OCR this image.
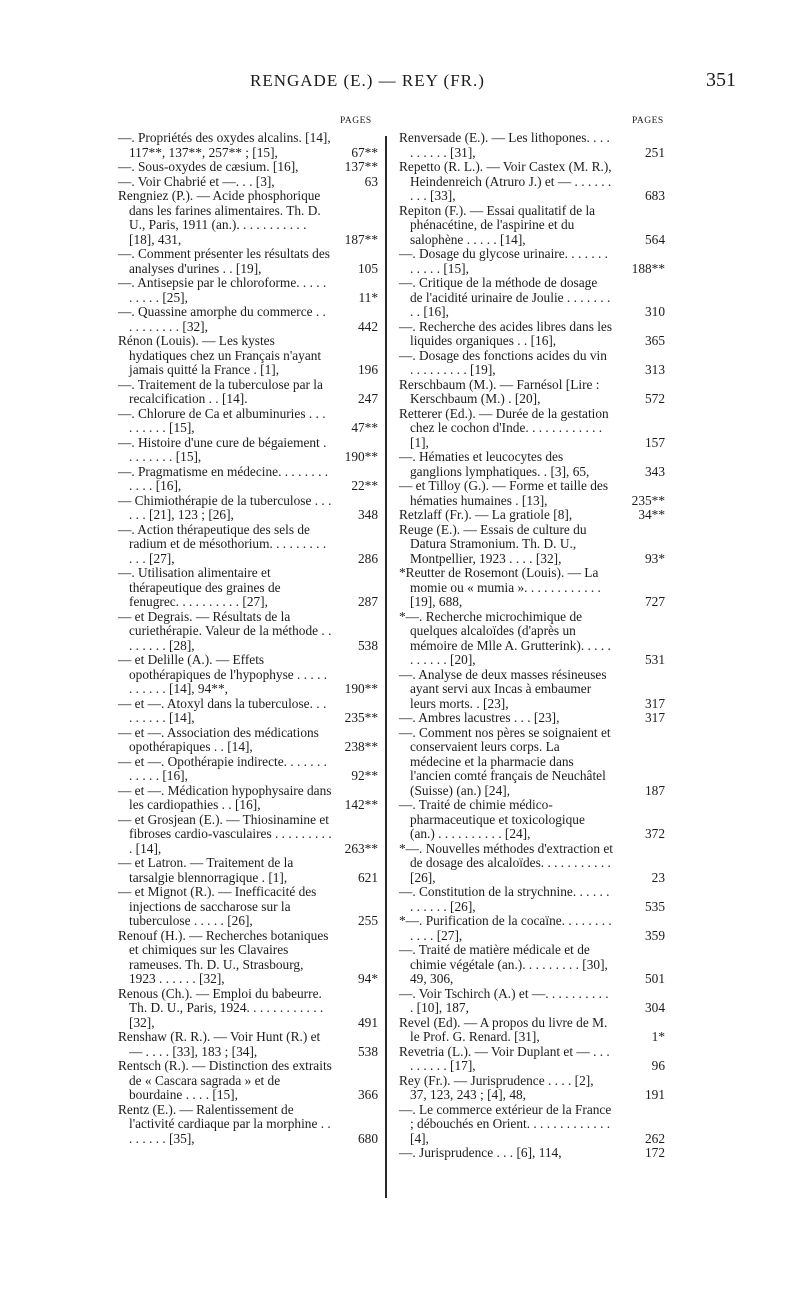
RENGADE (E.) — REY (FR.)	351
PAGES	PAGES
—. Propriétés des oxydes alcalins. [14], 117**, 137**, 257** ; [15],	67**
—. Sous-oxydes de cæsium. [16],	137**
—. Voir Chabrié et —. . . [3],	63
Rengniez (P.). — Acide phosphorique dans les farines alimentaires. Th. D. U., Paris, 1911 (an.). . . . . . . . . . . [18], 431,	187**
—. Comment présenter les résultats des analyses d'urines . . [19],	105
—. Antisepsie par le chloroforme. . . . . . . . . . [25],	11*
—. Quassine amorphe du commerce . . . . . . . . . . [32],	442
Rénon (Louis). — Les kystes hydatiques chez un Français n'ayant jamais quitté la France . [1],	196
—. Traitement de la tuberculose par la recalcification . . [14].	247
—. Chlorure de Ca et albuminuries . . . . . . . . . [15],	47**
—. Histoire d'une cure de bégaiement . . . . . . . . [15],	190**
—. Pragmatisme en médecine. . . . . . . . . . . . [16],	22**
— Chimiothérapie de la tuberculose . . . . . . [21], 123 ; [26],	348
—. Action thérapeutique des sels de radium et de mésothorium. . . . . . . . . . . . [27],	286
—. Utilisation alimentaire et thérapeutique des graines de fenugrec. . . . . . . . . . [27],	287
— et Degrais. — Résultats de la curiethérapie. Valeur de la méthode . . . . . . . . [28],	538
— et Delille (A.). — Effets opothérapiques de l'hypophyse . . . . . . . . . . . [14], 94**,	190**
— et —. Atoxyl dans la tuberculose. . . . . . . . . [14],	235**
— et —. Association des médications opothérapiques . . [14],	238**
— et —. Opothérapie indirecte. . . . . . . . . . . . [16],	92**
— et —. Médication hypophysaire dans les cardiopathies . . [16],	142**
— et Grosjean (E.). — Thiosinamine et fibroses cardio-vasculaires . . . . . . . . . . [14],	263**
— et Latron. — Traitement de la tarsalgie blennorragique . [1],	621
— et Mignot (R.). — Inefficacité des injections de saccharose sur la tuberculose . . . . . [26],	255
Renouf (H.). — Recherches botaniques et chimiques sur les Clavaires rameuses. Th. D. U., Strasbourg, 1923 . . . . . . [32],	94*
Renous (Ch.). — Emploi du babeurre. Th. D. U., Paris, 1924. . . . . . . . . . . . [32],	491
Renshaw (R. R.). — Voir Hunt (R.) et — . . . . [33], 183 ; [34],	538
Rentsch (R.). — Distinction des extraits de « Cascara sagrada » et de bourdaine . . . . [15],	366
Rentz (E.). — Ralentissement de l'activité cardiaque par la morphine . . . . . . . . [35],	680
Renversade (E.). — Les lithopones. . . . . . . . . . [31],	251
Repetto (R. L.). — Voir Castex (M. R.), Heindenreich (Atruro J.) et — . . . . . . . . . [33],	683
Repiton (F.). — Essai qualitatif de la phénacétine, de l'aspirine et du salophène . . . . . [14],	564
—. Dosage du glycose urinaire. . . . . . . . . . . . [15],	188**
—. Critique de la méthode de dosage de l'acidité urinaire de Joulie . . . . . . . . . [16],	310
—. Recherche des acides libres dans les liquides organiques . . [16],	365
—. Dosage des fonctions acides du vin . . . . . . . . . [19],	313
Rerschbaum (M.). — Farnésol [Lire : Kerschbaum (M.) . [20],	572
Retterer (Ed.). — Durée de la gestation chez le cochon d'Inde. . . . . . . . . . . . [1],	157
—. Hématies et leucocytes des ganglions lymphatiques. . [3], 65,	343
— et Tilloy (G.). — Forme et taille des hématies humaines . [13],	235**
Retzlaff (Fr.). — La gratiole [8],	34**
Reuge (E.). — Essais de culture du Datura Stramonium. Th. D. U., Montpellier, 1923 . . . . [32],	93*
*Reutter de Rosemont (Louis). — La momie ou « mumia ». . . . . . . . . . . . [19], 688,	727
*—. Recherche microchimique de quelques alcaloïdes (d'après un mémoire de Mlle A. Grutterink). . . . . . . . . . . [20],	531
—. Analyse de deux masses résineuses ayant servi aux Incas à embaumer leurs morts. . [23],	317
—. Ambres lacustres . . . [23],	317
—. Comment nos pères se soignaient et conservaient leurs corps. La médecine et la pharmacie dans l'ancien comté français de Neuchâtel (Suisse) (an.) [24],	187
—. Traité de chimie médico-pharmaceutique et toxicologique (an.) . . . . . . . . . . [24],	372
*—. Nouvelles méthodes d'extraction et de dosage des alcaloïdes. . . . . . . . . . . [26],	23
—. Constitution de la strychnine. . . . . . . . . . . . [26],	535
*—. Purification de la cocaïne. . . . . . . . . . . . [27],	359
—. Traité de matière médicale et de chimie végétale (an.). . . . . . . . . [30], 49, 306,	501
—. Voir Tschirch (A.) et —. . . . . . . . . . . [10], 187,	304
Revel (Ed). — A propos du livre de M. le Prof. G. Renard. [31],	1*
Revetria (L.). — Voir Duplant et — . . . . . . . . . [17],	96
Rey (Fr.). — Jurisprudence . . . . [2], 37, 123, 243 ; [4], 48,	191
—. Le commerce extérieur de la France ; débouchés en Orient. . . . . . . . . . . . . [4],	262
—. Jurisprudence . . . [6], 114,	172
